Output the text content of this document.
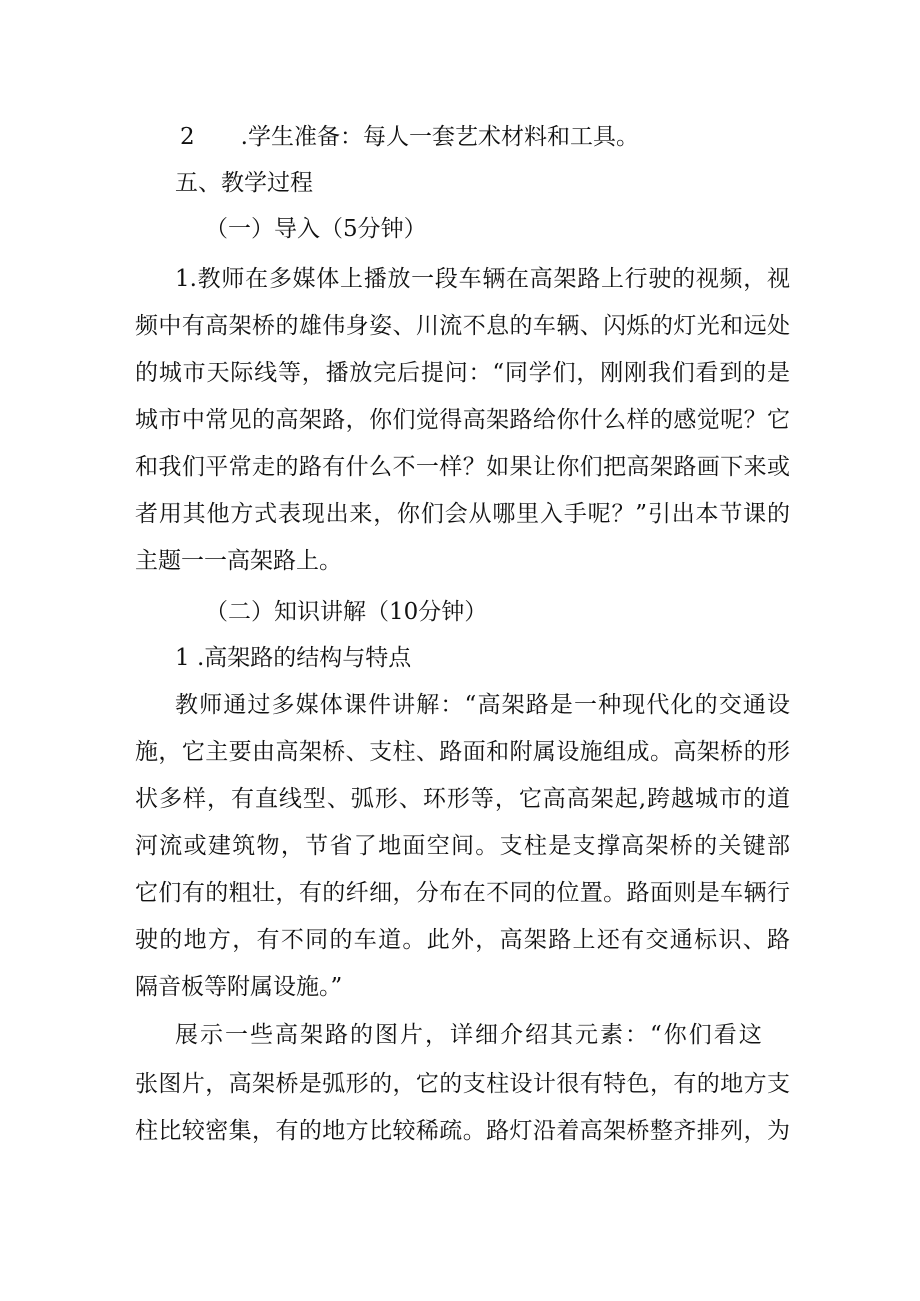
2　　.学生准备：每人一套艺术材料和工具。
五、教学过程
（一）导入（5分钟）
1.教师在多媒体上播放一段车辆在高架路上行驶的视频，视
频中有高架桥的雄伟身姿、川流不息的车辆、闪烁的灯光和远处
的城市天际线等，播放完后提问：“同学们，刚刚我们看到的是
城市中常见的高架路，你们觉得高架路给你什么样的感觉呢？它
和我们平常走的路有什么不一样？如果让你们把高架路画下来或
者用其他方式表现出来，你们会从哪里入手呢？”引出本节课的
主题一一高架路上。
（二）知识讲解（10分钟）
1 .高架路的结构与特点
教师通过多媒体课件讲解：“高架路是一种现代化的交通设
施，它主要由高架桥、支柱、路面和附属设施组成。高架桥的形
状多样，有直线型、弧形、环形等，它高高架起,跨越城市的道
河流或建筑物，节省了地面空间。支柱是支撑高架桥的关键部
它们有的粗壮，有的纤细，分布在不同的位置。路面则是车辆行
驶的地方，有不同的车道。此外，高架路上还有交通标识、路
隔音板等附属设施。”
展示一些高架路的图片，详细介绍其元素：“你们看这
张图片，高架桥是弧形的，它的支柱设计很有特色，有的地方支
柱比较密集，有的地方比较稀疏。路灯沿着高架桥整齐排列，为
